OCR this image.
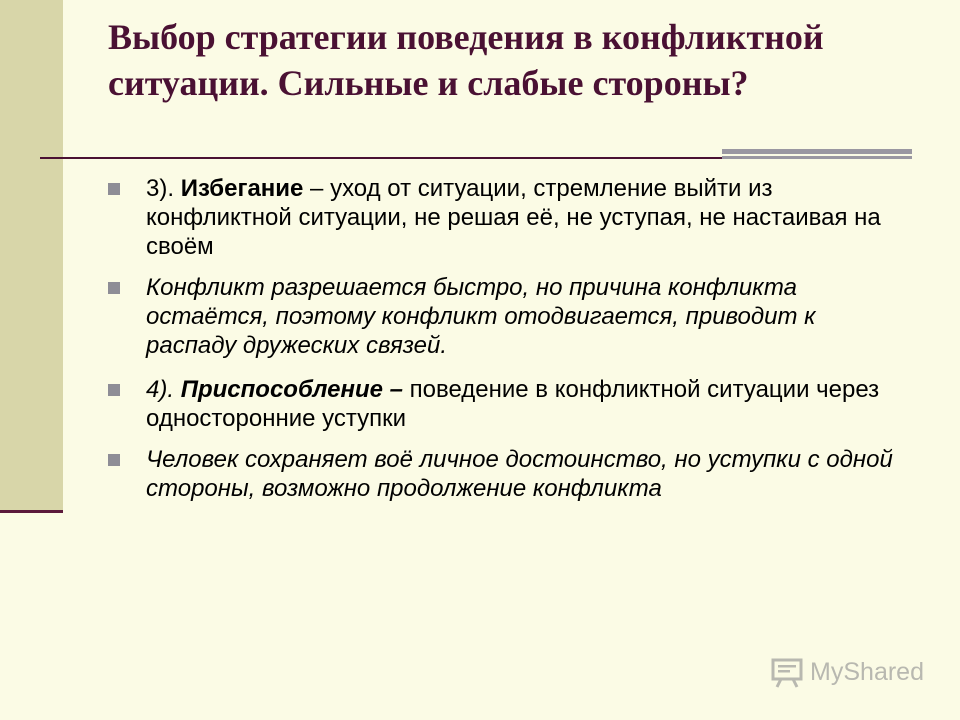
Выбор стратегии поведения в конфликтной ситуации. Сильные и слабые стороны?
3). Избегание – уход от ситуации, стремление выйти из конфликтной ситуации, не решая её, не уступая, не настаивая на своём
Конфликт разрешается быстро, но причина конфликта остаётся, поэтому конфликт отодвигается, приводит к распаду дружеских связей.
4). Приспособление – поведение в конфликтной ситуации через односторонние уступки
Человек сохраняет воё личное достоинство, но уступки с одной стороны, возможно продолжение конфликта
MyShared
